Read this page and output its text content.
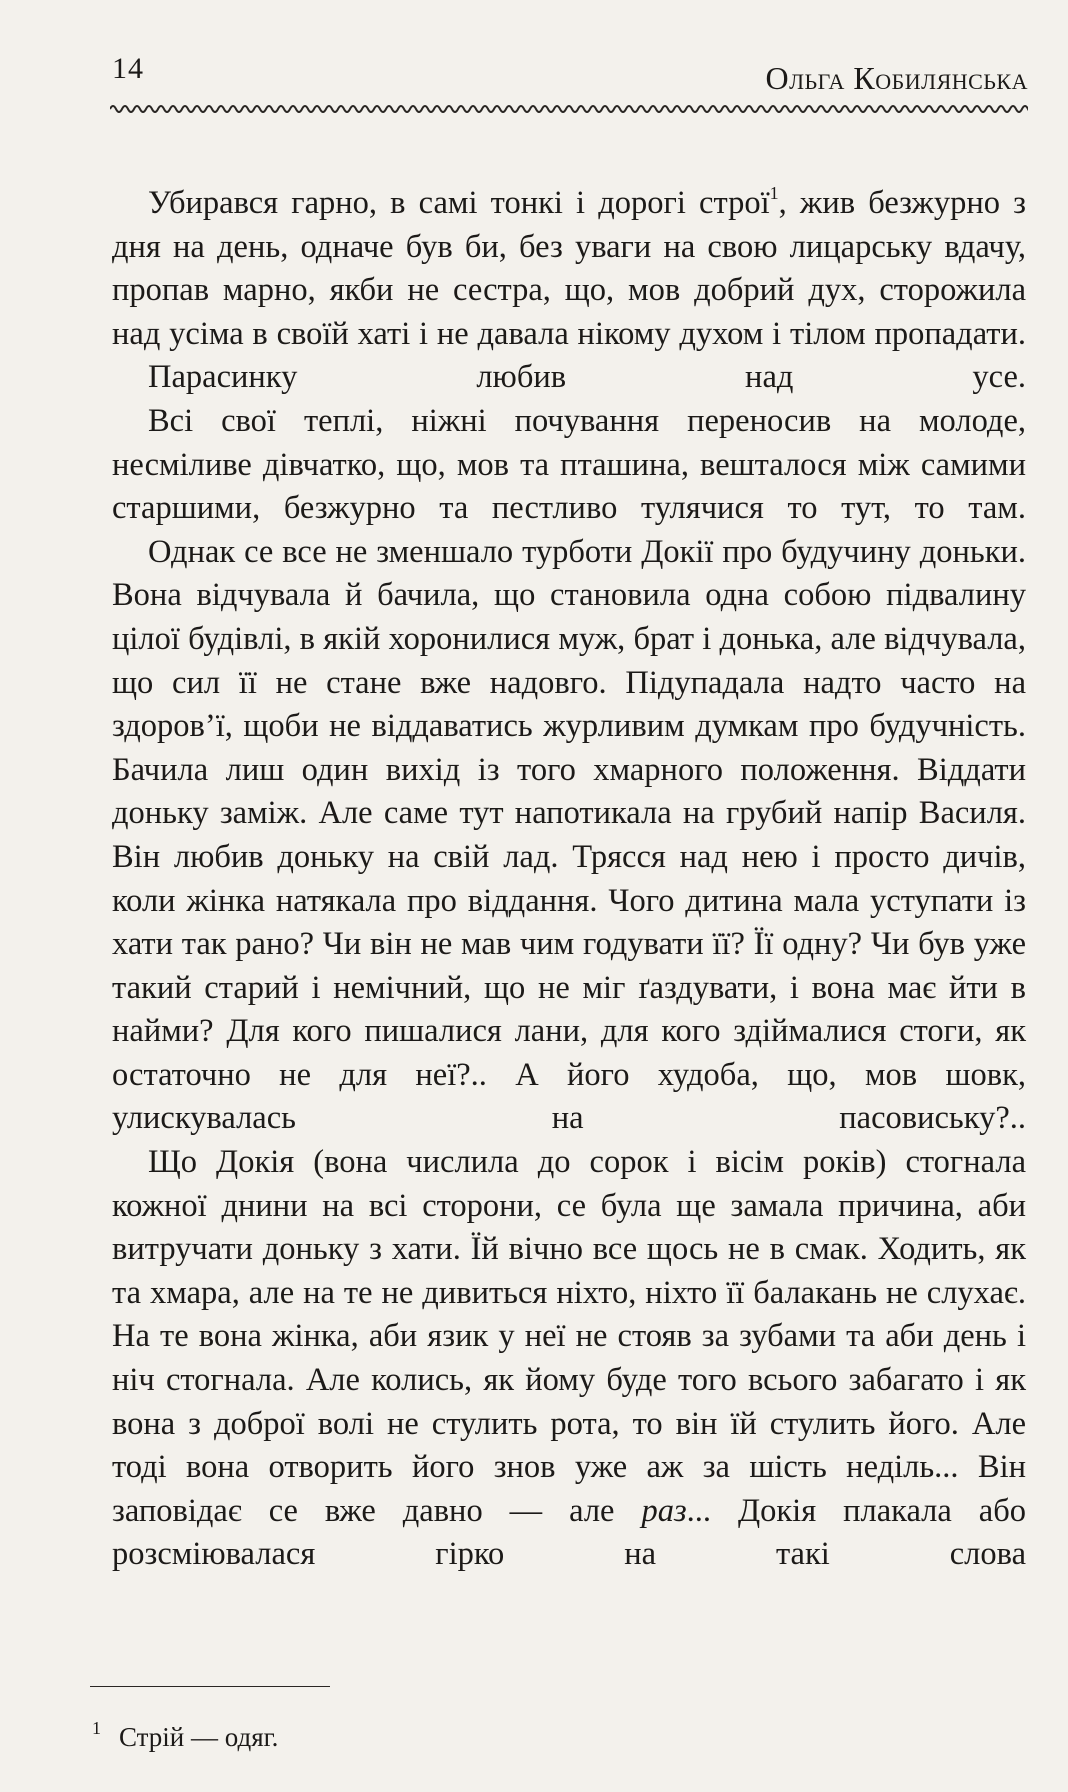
14	Ольга Кобилянська

Убирався гарно, в самі тонкі і дорогі строї$^1$, жив безжурно з дня на день, одначе був би, без уваги на свою лицарську вдачу, пропав марно, якби не сестра, що, мов добрий дух, сторожила над усіма в своїй хаті і не давала нікому духом і тілом пропадати.

Парасинку любив над усе.

Всі свої теплі, ніжні почування переносив на молоде, несміливе дівчатко, що, мов та пташина, вешталося між самими старшими, безжурно та пестливо тулячися то тут, то там.

Однак се все не зменшало турботи Докії про будучину доньки. Вона відчувала й бачила, що становила одна собою підвалину цілої будівлі, в якій хоронилися муж, брат і донька, але відчувала, що сил її не стане вже надовго. Підупадала надто часто на здоров’ї, щоби не віддаватись журливим думкам про будучність. Бачила лиш один вихід із того хмарного положення. Віддати доньку заміж. Але саме тут напотикала на грубий напір Василя. Він любив доньку на свій лад. Трясся над нею і просто дичів, коли жінка натякала про віддання. Чого дитина мала уступати із хати так рано? Чи він не мав чим годувати її? Її одну? Чи був уже такий старий і немічний, що не міг ґаздувати, і вона має йти в найми? Для кого пишалися лани, для кого здіймалися стоги, як остаточно не для неї?.. А його худоба, що, мов шовк, улискувалась на пасовиську?..

Що Докія (вона числила до сорок і вісім років) стогнала кожної днини на всі сторони, се була ще замала причина, аби витручати доньку з хати. Їй вічно все щось не в смак. Ходить, як та хмара, але на те не дивиться ніхто, ніхто її балакань не слухає. На те вона жінка, аби язик у неї не стояв за зубами та аби день і ніч стогнала. Але колись, як йому буде того всього забагато і як вона з доброї волі не стулить рота, то він їй стулить його. Але тоді вона отворить його знов уже аж за шість неділь... Він заповідає се вже давно — але раз... Докія плакала або розсміювалася гірко на такі слова

$^1$ Стрій — одяг.
